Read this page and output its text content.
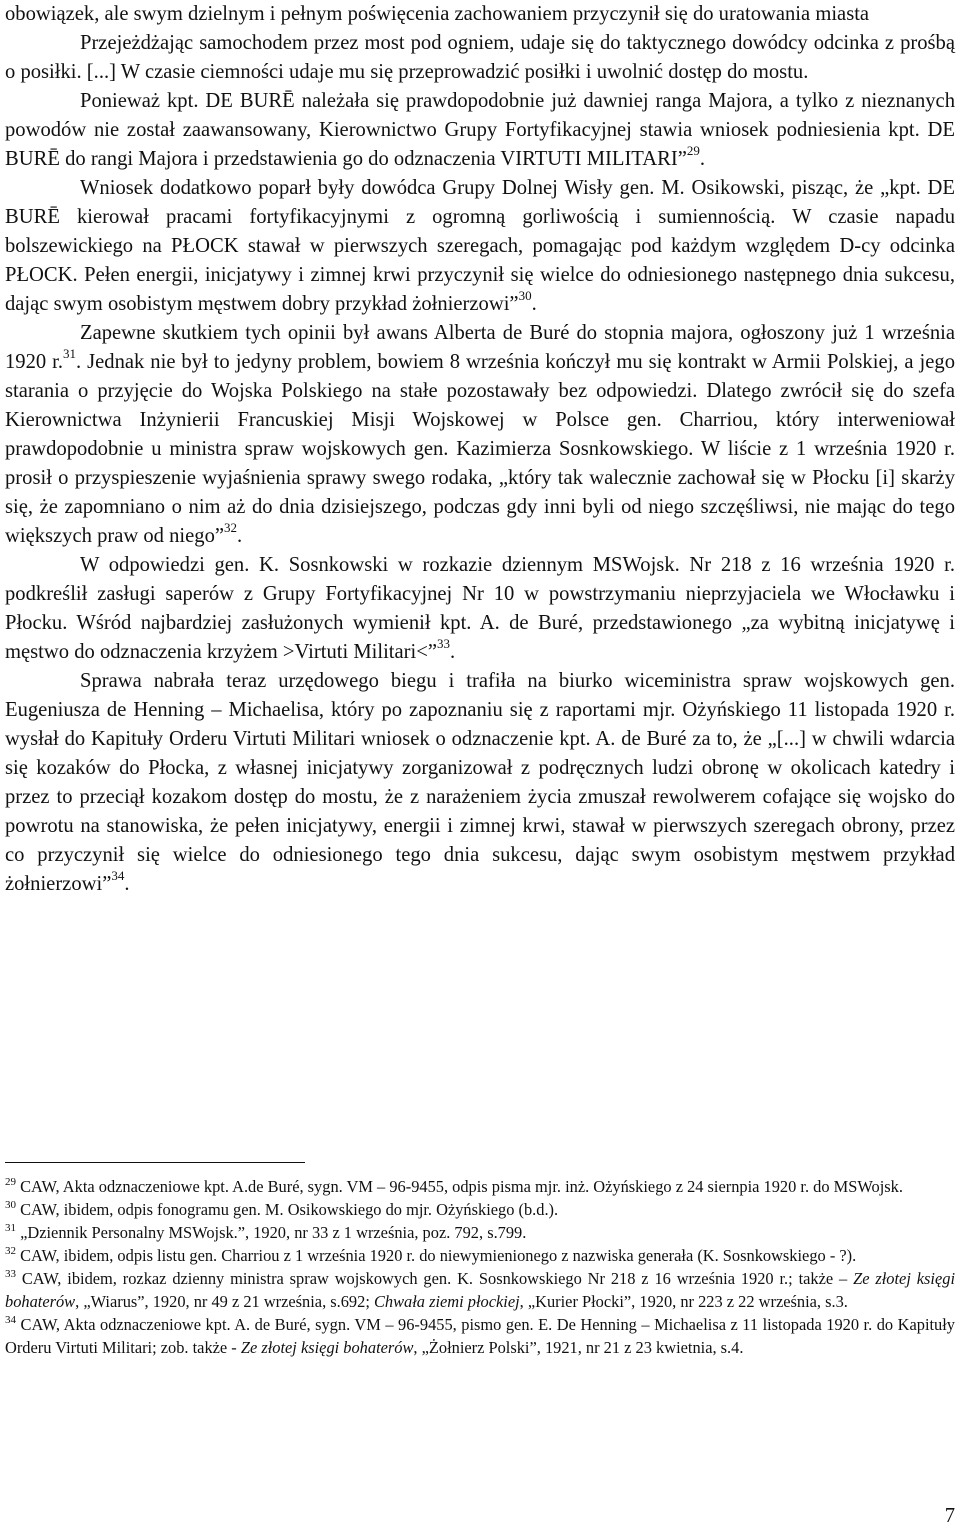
obowiązek, ale swym dzielnym i pełnym poświęcenia zachowaniem przyczynił się do uratowania miasta

Przejeżdżając samochodem przez most pod ogniem, udaje się do taktycznego dowódcy odcinka z prośbą o posiłki. [...] W czasie ciemności udaje mu się przeprowadzić posiłki i uwolnić dostęp do mostu.

Ponieważ kpt. DE BURĒ należała się prawdopodobnie już dawniej ranga Majora, a tylko z nieznanych powodów nie został zaawansowany, Kierownictwo Grupy Fortyfikacyjnej stawia wniosek podniesienia kpt. DE BURĒ do rangi Majora i przedstawienia go do odznaczenia VIRTUTI MILITARI”$^{29}$.

Wniosek dodatkowo poparł były dowódca Grupy Dolnej Wisły gen. M. Osikowski, pisząc, że „kpt. DE BURĒ kierował pracami fortyfikacyjnymi z ogromną gorliwością i sumiennością. W czasie napadu bolszewickiego na PŁOCK stawał w pierwszych szeregach, pomagając pod każdym względem D-cy odcinka PŁOCK. Pełen energii, inicjatywy i zimnej krwi przyczynił się wielce do odniesionego następnego dnia sukcesu, dając swym osobistym męstwem dobry przykład żołnierzowi”$^{30}$.

Zapewne skutkiem tych opinii był awans Alberta de Buré do stopnia majora, ogłoszony już 1 września 1920 r.$^{31}$. Jednak nie był to jedyny problem, bowiem 8 września kończył mu się kontrakt w Armii Polskiej, a jego starania o przyjęcie do Wojska Polskiego na stałe pozostawały bez odpowiedzi. Dlatego zwrócił się do szefa Kierownictwa Inżynierii Francuskiej Misji Wojskowej w Polsce gen. Charriou, który interweniował prawdopodobnie u ministra spraw wojskowych gen. Kazimierza Sosnkowskiego. W liście z 1 września 1920 r. prosił o przyspieszenie wyjaśnienia sprawy swego rodaka, „który tak walecznie zachował się w Płocku [i] skarży się, że zapomniano o nim aż do dnia dzisiejszego, podczas gdy inni byli od niego szczęśliwsi, nie mając do tego większych praw od niego”$^{32}$.

W odpowiedzi gen. K. Sosnkowski w rozkazie dziennym MSWojsk. Nr 218 z 16 września 1920 r. podkreślił zasługi saperów z Grupy Fortyfikacyjnej Nr 10 w powstrzymaniu nieprzyjaciela we Włocławku i Płocku. Wśród najbardziej zasłużonych wymienił kpt. A. de Buré, przedstawionego „za wybitną inicjatywę i męstwo do odznaczenia krzyżem >Virtuti Militari<”$^{33}$.

Sprawa nabrała teraz urzędowego biegu i trafiła na biurko wiceministra spraw wojskowych gen. Eugeniusza de Henning – Michaelisa, który po zapoznaniu się z raportami mjr. Ożyńskiego 11 listopada 1920 r. wysłał do Kapituły Orderu Virtuti Militari wniosek o odznaczenie kpt. A. de Buré za to, że „[...] w chwili wdarcia się kozaków do Płocka, z własnej inicjatywy zorganizował z podręcznych ludzi obronę w okolicach katedry i przez to przeciął kozakom dostęp do mostu, że z narażeniem życia zmuszał rewolwerem cofające się wojsko do powrotu na stanowiska, że pełen inicjatywy, energii i zimnej krwi, stawał w pierwszych szeregach obrony, przez co przyczynił się wielce do odniesionego tego dnia sukcesu, dając swym osobistym męstwem przykład żołnierzowi”$^{34}$.

$^{29}$ CAW, Akta odznaczeniowe kpt. A.de Buré, sygn. VM – 96-9455, odpis pisma mjr. inż. Ożyńskiego z 24 siernpia 1920 r. do MSWojsk.

$^{30}$ CAW, ibidem, odpis fonogramu gen. M. Osikowskiego do mjr. Ożyńskiego (b.d.).

$^{31}$ „Dziennik Personalny MSWojsk.”, 1920, nr 33 z 1 września, poz. 792, s.799.

$^{32}$ CAW, ibidem, odpis listu gen. Charriou z 1 września 1920 r. do niewymienionego z nazwiska generała (K. Sosnkowskiego - ?).

$^{33}$ CAW, ibidem, rozkaz dzienny ministra spraw wojskowych gen. K. Sosnkowskiego Nr 218 z 16 września 1920 r.; także – Ze złotej księgi bohaterów, „Wiarus”, 1920, nr 49 z 21 września, s.692; Chwała ziemi płockiej, „Kurier Płocki”, 1920, nr 223 z 22 września, s.3.

$^{34}$ CAW, Akta odznaczeniowe kpt. A. de Buré, sygn. VM – 96-9455, pismo gen. E. De Henning – Michaelisa z 11 listopada 1920 r. do Kapituły Orderu Virtuti Militari; zob. także - Ze złotej księgi bohaterów, „Żołnierz Polski”, 1921, nr 21 z 23 kwietnia, s.4.

7
